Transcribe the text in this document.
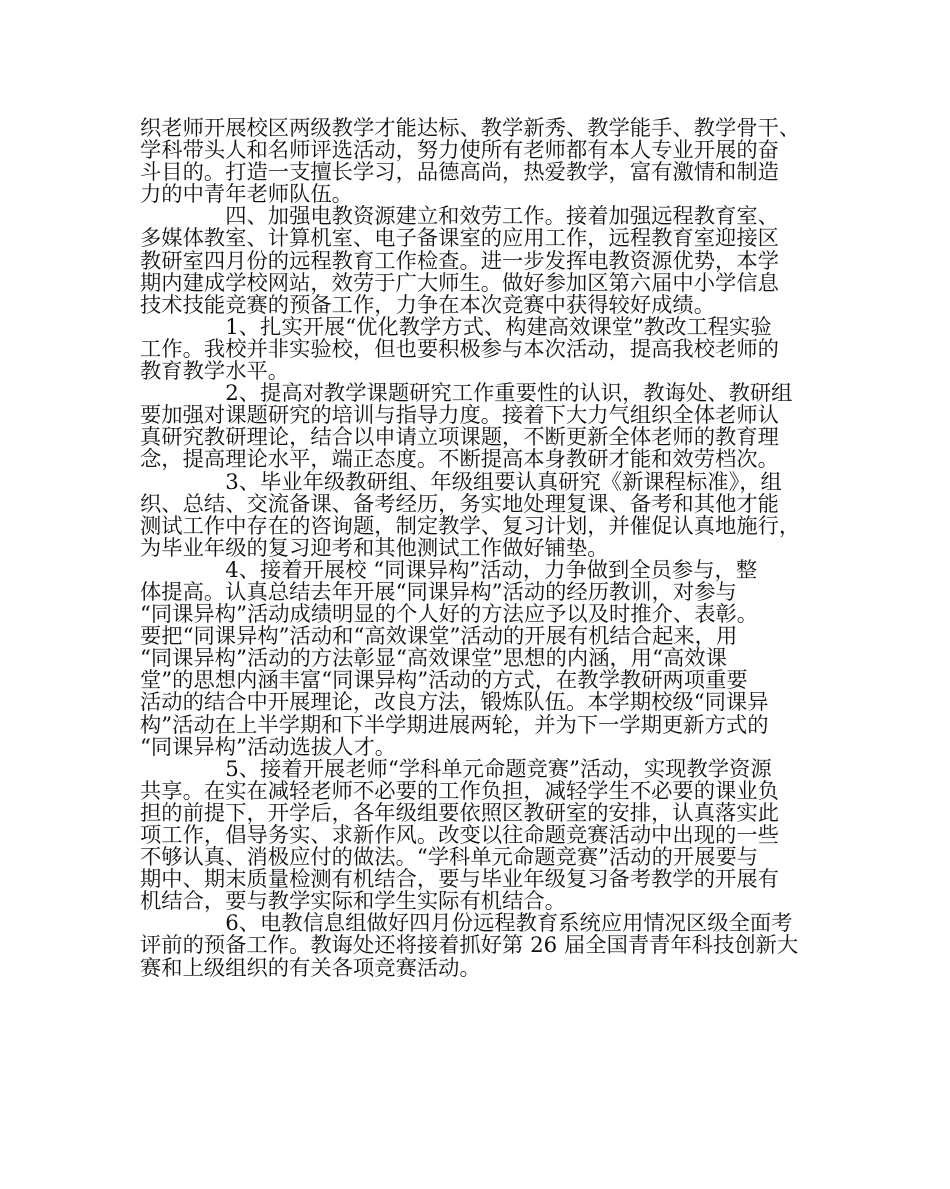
织老师开展校区两级教学才能达标、教学新秀、教学能手、教学骨干、
学科带头人和名师评选活动，努力使所有老师都有本人专业开展的奋
斗目的。打造一支擅长学习，品德高尚，热爱教学，富有激情和制造
力的中青年老师队伍。
　　　　四、加强电教资源建立和效劳工作。接着加强远程教育室、
多媒体教室、计算机室、电子备课室的应用工作，远程教育室迎接区
教研室四月份的远程教育工作检查。进一步发挥电教资源优势，本学
期内建成学校网站，效劳于广大师生。做好参加区第六届中小学信息
技术技能竞赛的预备工作，力争在本次竞赛中获得较好成绩。
　　　　1、扎实开展“优化教学方式、构建高效课堂”教改工程实验
工作。我校并非实验校，但也要积极参与本次活动，提高我校老师的
教育教学水平。
　　　　2、提高对教学课题研究工作重要性的认识，教诲处、教研组
要加强对课题研究的培训与指导力度。接着下大力气组织全体老师认
真研究教研理论，结合以申请立项课题，不断更新全体老师的教育理
念，提高理论水平，端正态度。不断提高本身教研才能和效劳档次。
　　　　3、毕业年级教研组、年级组要认真研究《新课程标准》，组
织、总结、交流备课、备考经历，务实地处理复课、备考和其他才能
测试工作中存在的咨询题，制定教学、复习计划，并催促认真地施行，
为毕业年级的复习迎考和其他测试工作做好铺垫。
　　　　4、接着开展校 “同课异构”活动，力争做到全员参与，整
体提高。认真总结去年开展“同课异构”活动的经历教训，对参与
“同课异构”活动成绩明显的个人好的方法应予以及时推介、表彰。
要把“同课异构”活动和“高效课堂”活动的开展有机结合起来，用
“同课异构”活动的方法彰显“高效课堂”思想的内涵，用“高效课
堂”的思想内涵丰富“同课异构”活动的方式，在教学教研两项重要
活动的结合中开展理论，改良方法，锻炼队伍。本学期校级“同课异
构”活动在上半学期和下半学期进展两轮，并为下一学期更新方式的
“同课异构”活动选拔人才。
　　　　5、接着开展老师“学科单元命题竞赛”活动，实现教学资源
共享。在实在减轻老师不必要的工作负担，减轻学生不必要的课业负
担的前提下，开学后，各年级组要依照区教研室的安排，认真落实此
项工作，倡导务实、求新作风。改变以往命题竞赛活动中出现的一些
不够认真、消极应付的做法。“学科单元命题竞赛”活动的开展要与
期中、期末质量检测有机结合，要与毕业年级复习备考教学的开展有
机结合，要与教学实际和学生实际有机结合。
　　　　6、电教信息组做好四月份远程教育系统应用情况区级全面考
评前的预备工作。教诲处还将接着抓好第 26 届全国青青年科技创新大
赛和上级组织的有关各项竞赛活动。
